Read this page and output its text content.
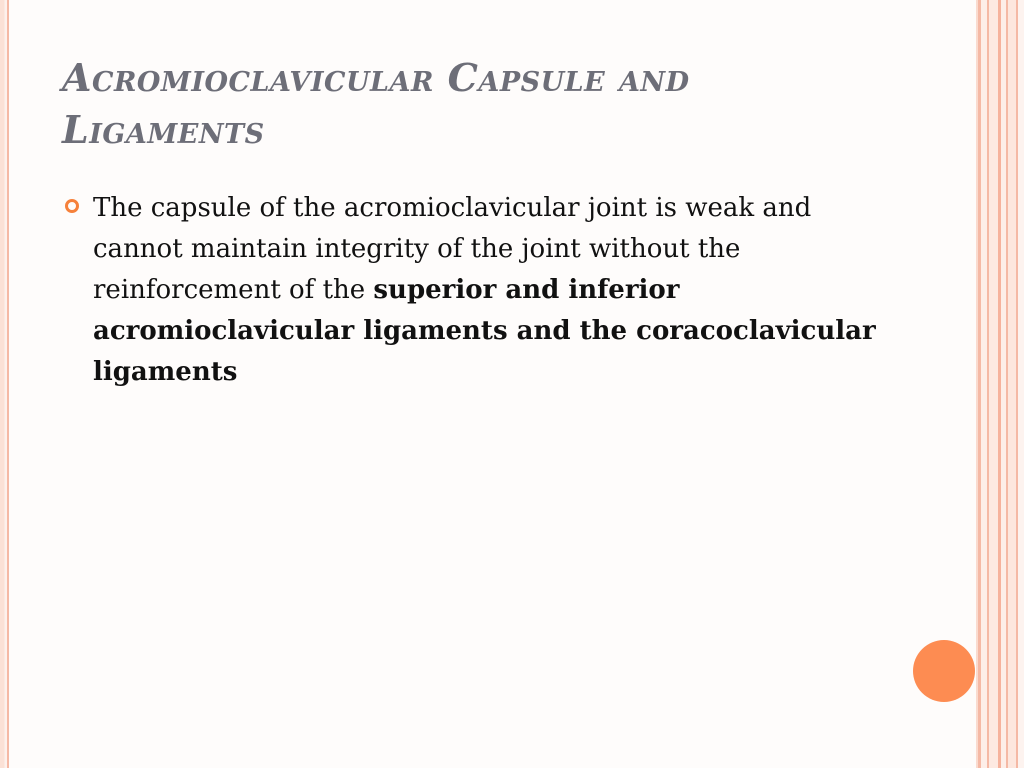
Acromioclavicular Capsule and
Ligaments

The capsule of the acromioclavicular joint is weak and cannot maintain integrity of the joint without the reinforcement of the superior and inferior acromioclavicular ligaments and the coracoclavicular ligaments
